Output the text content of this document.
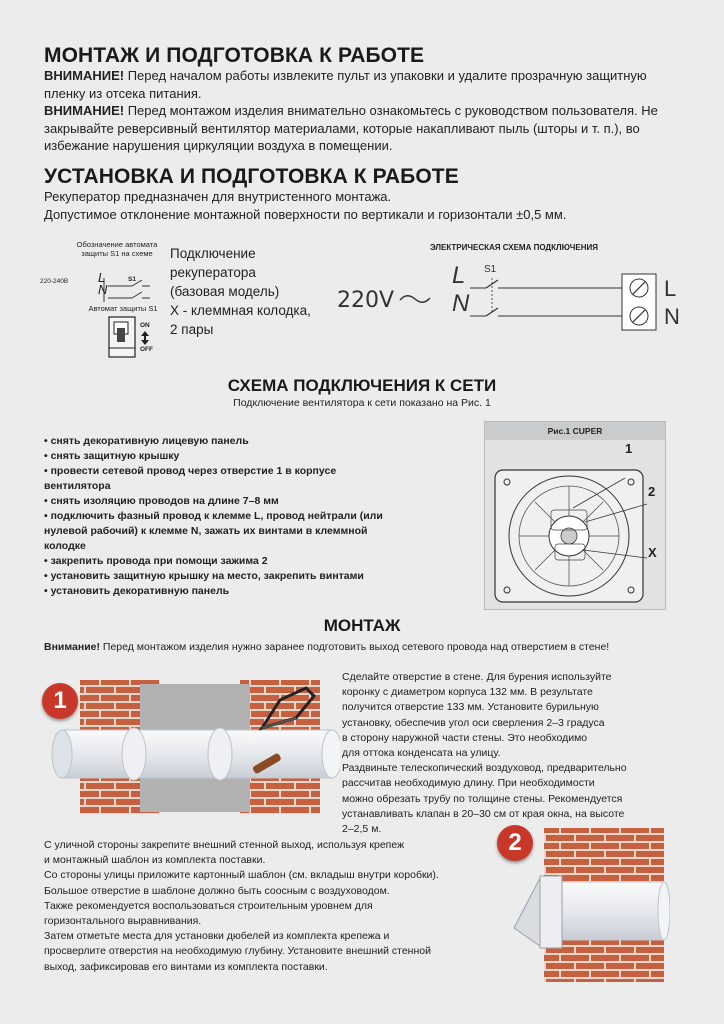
МОНТАЖ И ПОДГОТОВКА К РАБОТЕ

ВНИМАНИЕ! Перед началом работы извлеките пульт из упаковки и удалите прозрачную защитную пленку из отсека питания.

ВНИМАНИЕ! Перед монтажом изделия внимательно ознакомьтесь с руководством пользователя. Не закрывайте реверсивный вентилятор материалами, которые накапливают пыль (шторы и т. п.), во избежание нарушения циркуляции воздуха в помещении.

УСТАНОВКА И ПОДГОТОВКА К РАБОТЕ

Рекуператор предназначен для внутристенного монтажа.

Допустимое отклонение монтажной поверхности по вертикали и горизонтали ±0,5 мм.

Обозначение автомата защиты S1 на схеме
220-240В L
N
S1
Автомат защиты S1
ON
OFF
Подключение
рекуператора
(базовая модель)
X - клеммная колодка,
2 пары
ЭЛЕКТРИЧЕСКАЯ СХЕМА ПОДКЛЮЧЕНИЯ
220V
L
N
S1
L
N
СХЕМА ПОДКЛЮЧЕНИЯ К СЕТИ
Подключение вентилятора к сети показано на Рис. 1
• снять декоративную лицевую панель
• снять защитную крышку
• провести сетевой провод через отверстие 1 в корпусе вентилятора
• снять изоляцию проводов на длине 7–8 мм
• подключить фазный провод к клемме L, провод нейтрали (или нулевой рабочий) к клемме N, зажать их винтами в клеммной колодке
• закрепить провода при помощи зажима 2
• установить защитную крышку на место, закрепить винтами
• установить декоративную панель
Рис.1 CUPER
1
2
X
МОНТАЖ
Внимание! Перед монтажом изделия нужно заранее подготовить выход сетевого провода над отверстием в стене!
1
Сделайте отверстие в стене. Для бурения используйте
коронку с диаметром корпуса 132 мм. В результате
получится отверстие 133 мм. Установите бурильную
установку, обеспечив угол оси сверления 2–3 градуса
в сторону наружной части стены. Это необходимо
для оттока конденсата на улицу.
Раздвиньте телескопический воздуховод, предварительно
рассчитав необходимую длину. При необходимости
можно обрезать трубу по толщине стены. Рекомендуется
устанавливать клапан в 20–30 см от края окна, на высоте
2–2,5 м.
С уличной стороны закрепите внешний стенной выход, используя крепеж
и монтажный шаблон из комплекта поставки.
Со стороны улицы приложите картонный шаблон (см. вкладыш внутри коробки).
Большое отверстие в шаблоне должно быть соосным с воздуховодом.
Также рекомендуется воспользоваться строительным уровнем для
горизонтального выравнивания.
Затем отметьте места для установки дюбелей из комплекта крепежа и
просверлите отверстия на необходимую глубину. Установите внешний стенной
выход, зафиксировав его винтами из комплекта поставки.
2
